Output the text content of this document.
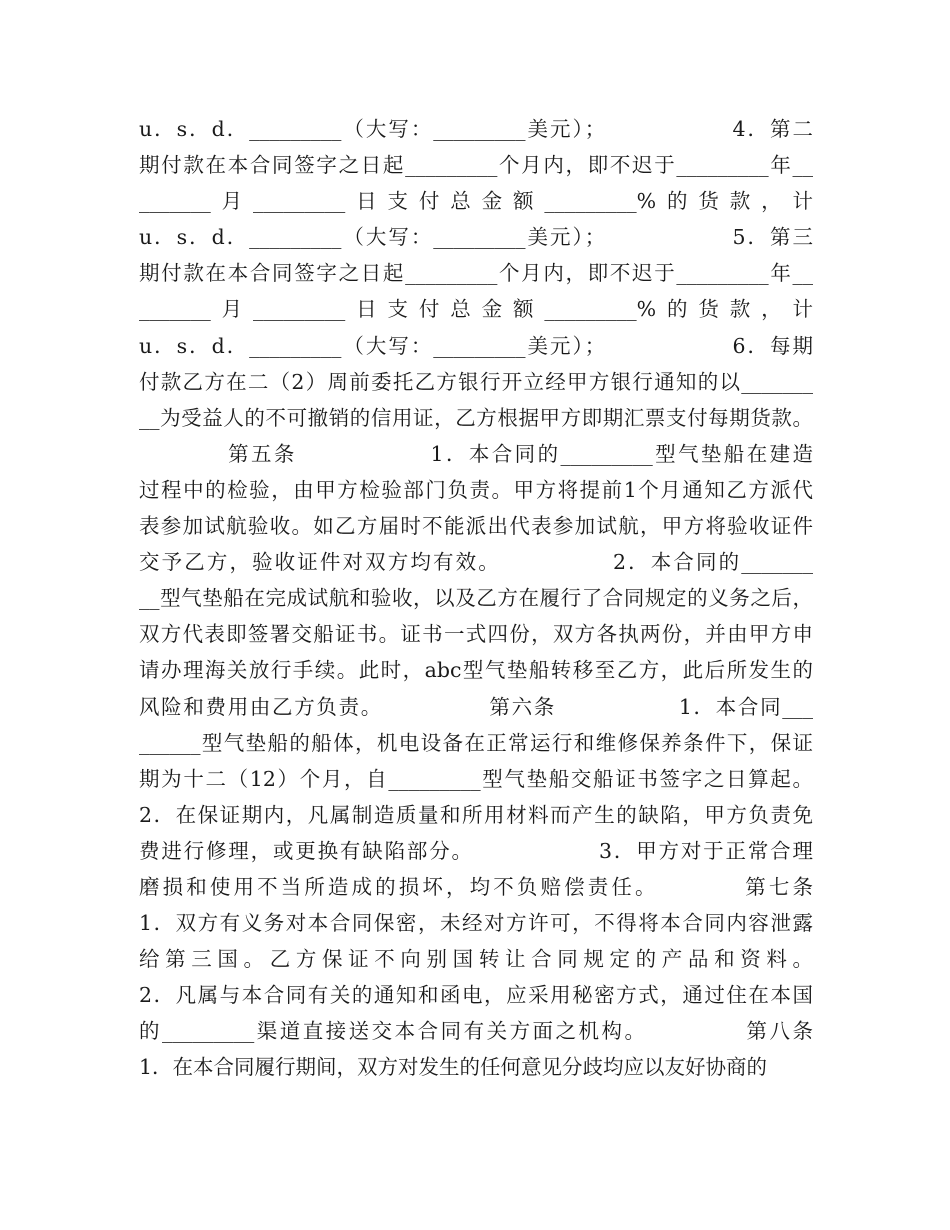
u．s．d．_________（大写：_________美元）；               4．第二
期付款在本合同签字之日起_________个月内，即不迟于_________年__
_______月_________日支付总金额_________%的货款，计
u．s．d．_________（大写：_________美元）；               5．第三
期付款在本合同签字之日起_________个月内，即不迟于_________年__
_______月_________日支付总金额_________%的货款，计
u．s．d．_________（大写：_________美元）；               6．每期
付款乙方在二（2）周前委托乙方银行开立经甲方银行通知的以_______
__为受益人的不可撤销的信用证，乙方根据甲方即期汇票支付每期货款。
第五条               1．本合同的_________型气垫船在建造
过程中的检验，由甲方检验部门负责。甲方将提前1个月通知乙方派代
表参加试航验收。如乙方届时不能派出代表参加试航，甲方将验收证件
交予乙方，验收证件对双方均有效。             2．本合同的_______
__型气垫船在完成试航和验收，以及乙方在履行了合同规定的义务之后，
双方代表即签署交船证书。证书一式四份，双方各执两份，并由甲方申
请办理海关放行手续。此时，abc型气垫船转移至乙方，此后所发生的
风险和费用由乙方负责。             第六条               1．本合同___
______型气垫船的船体，机电设备在正常运行和维修保养条件下，保证
期为十二（12）个月，自_________型气垫船交船证书签字之日算起。
2．在保证期内，凡属制造质量和所用材料而产生的缺陷，甲方负责免
费进行修理，或更换有缺陷部分。               3．甲方对于正常合理
磨损和使用不当所造成的损坏，均不负赔偿责任。         第七条
1．双方有义务对本合同保密，未经对方许可，不得将本合同内容泄露
给第三国。乙方保证不向别国转让合同规定的产品和资料。
2．凡属与本合同有关的通知和函电，应采用秘密方式，通过住在本国
的_________渠道直接送交本合同有关方面之机构。           第八条
1．在本合同履行期间，双方对发生的任何意见分歧均应以友好协商的
